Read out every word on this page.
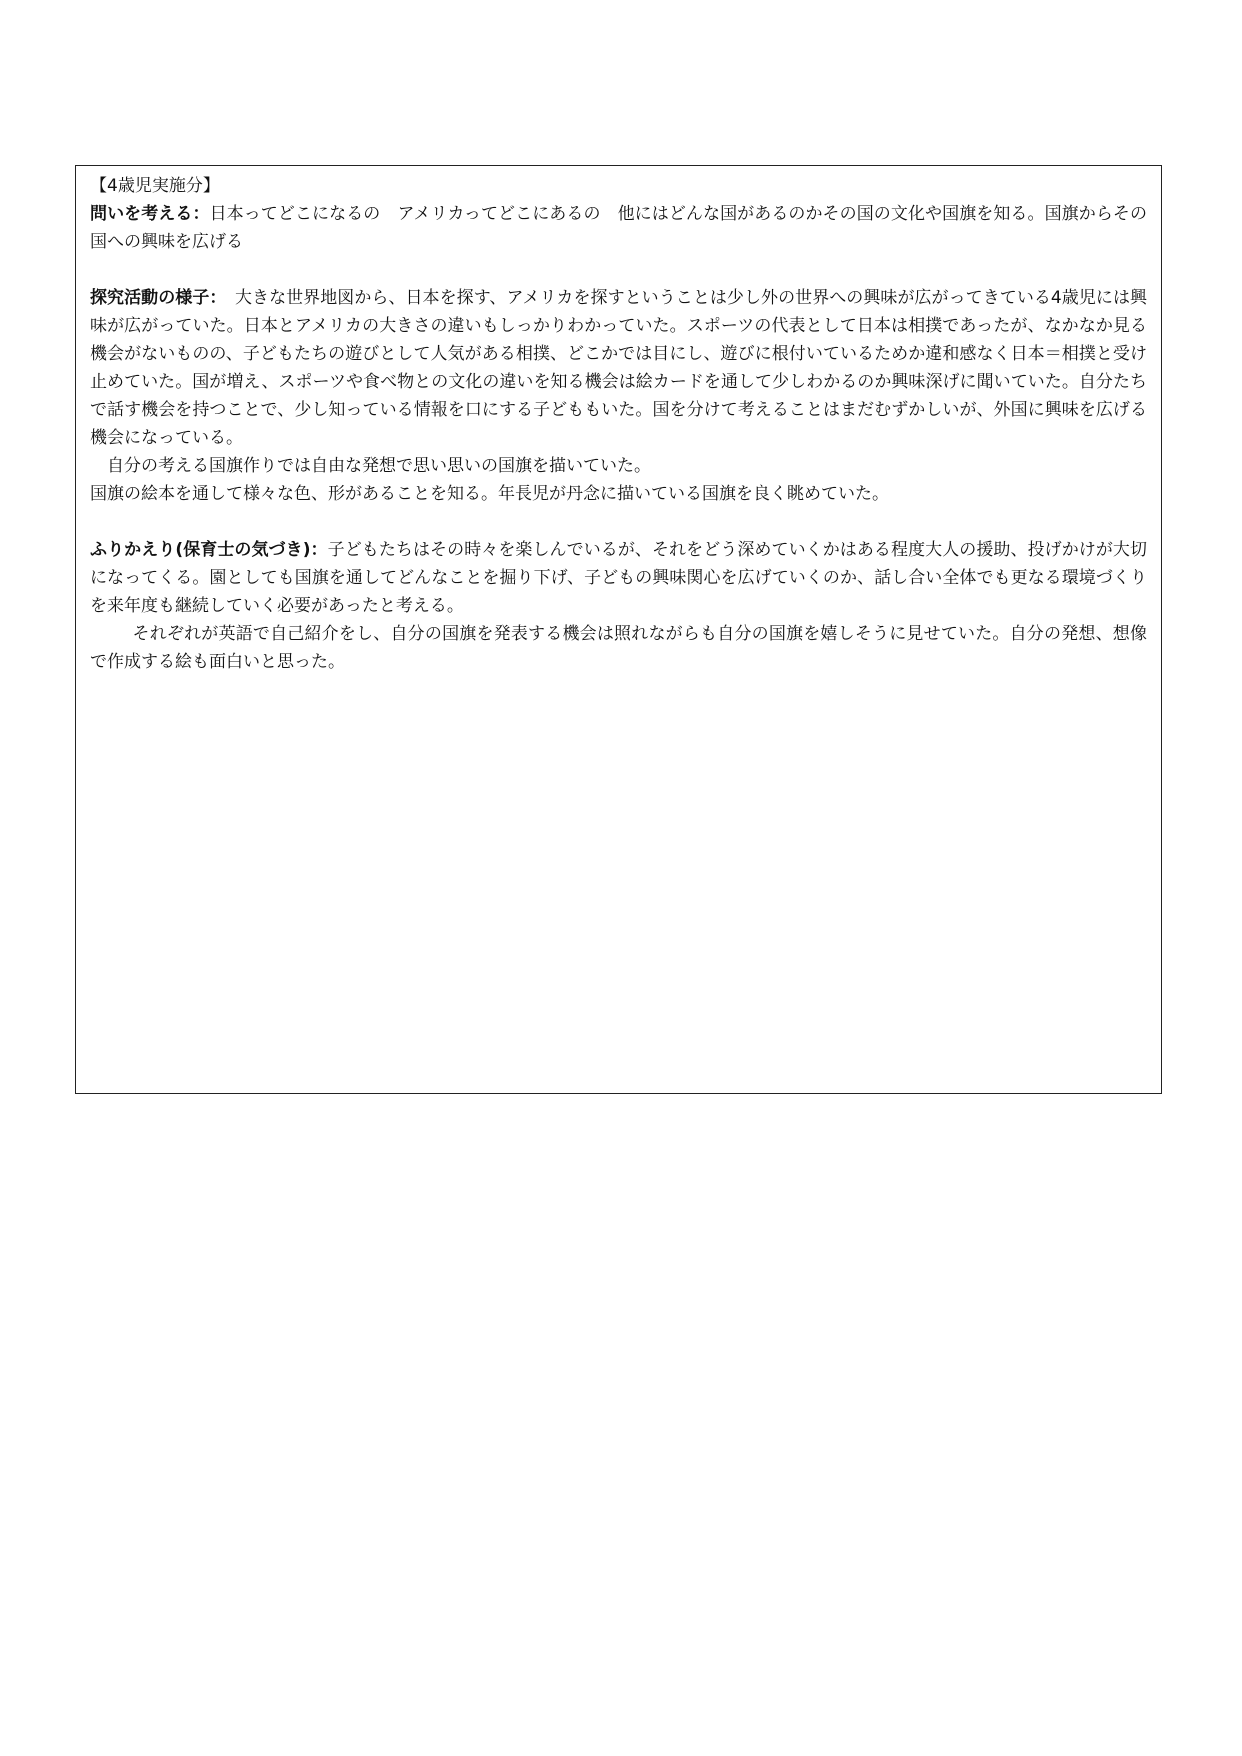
【4歳児実施分】

問いを考える：日本ってどこになるの　アメリカってどこにあるの　他にはどんな国があるのかその国の文化や国旗を知る。国旗からその国への興味を広げる

探究活動の様子：　大きな世界地図から、日本を探す、アメリカを探すということは少し外の世界への興味が広がってきている4歳児には興味が広がっていた。日本とアメリカの大きさの違いもしっかりわかっていた。スポーツの代表として日本は相撲であったが、なかなか見る機会がないものの、子どもたちの遊びとして人気がある相撲、どこかでは目にし、遊びに根付いているためか違和感なく日本＝相撲と受け止めていた。国が増え、スポーツや食べ物との文化の違いを知る機会は絵カードを通して少しわかるのか興味深げに聞いていた。自分たちで話す機会を持つことで、少し知っている情報を口にする子どももいた。国を分けて考えることはまだむずかしいが、外国に興味を広げる機会になっている。

自分の考える国旗作りでは自由な発想で思い思いの国旗を描いていた。

国旗の絵本を通して様々な色、形があることを知る。年長児が丹念に描いている国旗を良く眺めていた。

ふりかえり(保育士の気づき)：子どもたちはその時々を楽しんでいるが、それをどう深めていくかはある程度大人の援助、投げかけが大切になってくる。園としても国旗を通してどんなことを掘り下げ、子どもの興味関心を広げていくのか、話し合い全体でも更なる環境づくりを来年度も継続していく必要があったと考える。

それぞれが英語で自己紹介をし、自分の国旗を発表する機会は照れながらも自分の国旗を嬉しそうに見せていた。自分の発想、想像で作成する絵も面白いと思った。
